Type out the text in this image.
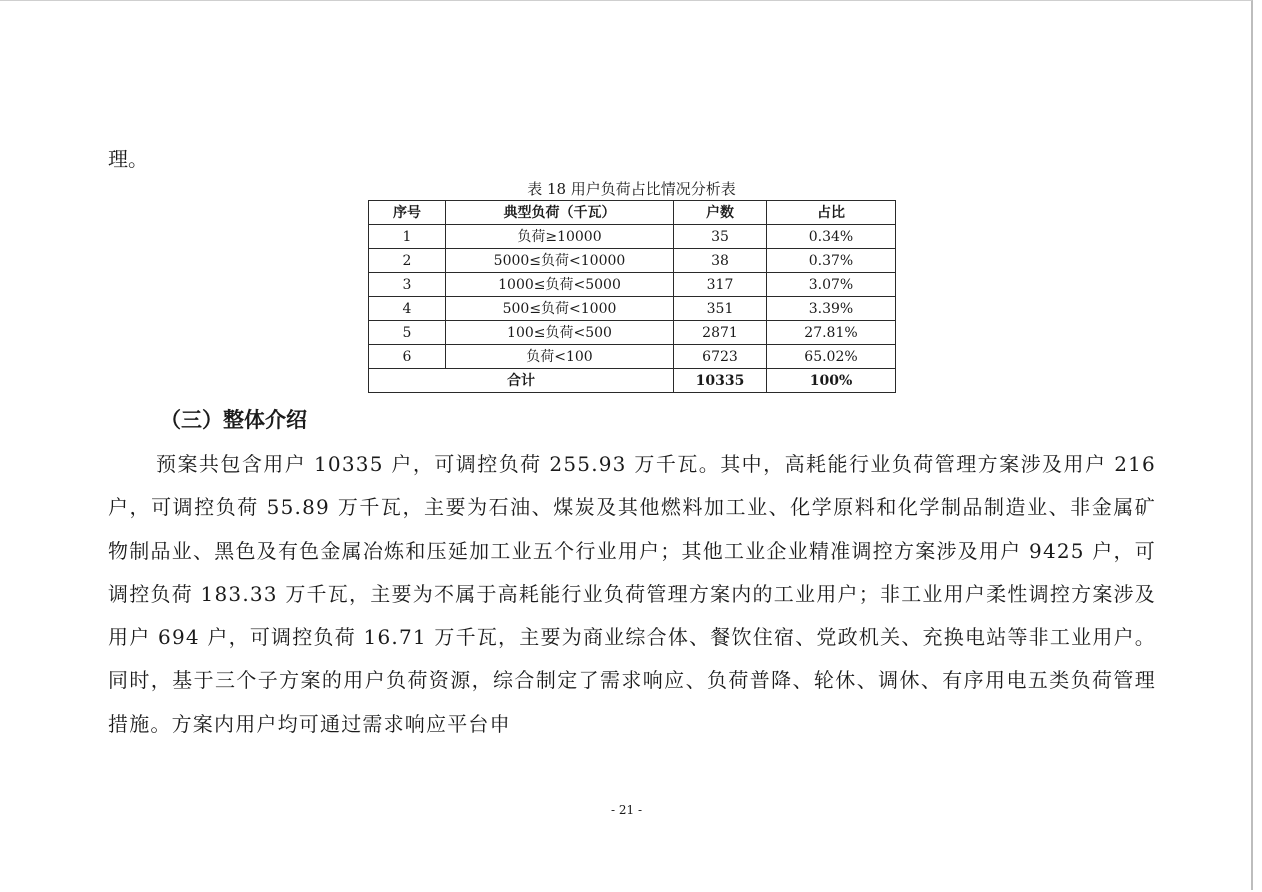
理。
表 18 用户负荷占比情况分析表
序号	典型负荷（千瓦）	户数	占比
1	负荷≥10000	35	0.34%
2	5000≤负荷<10000	38	0.37%
3	1000≤负荷<5000	317	3.07%
4	500≤负荷<1000	351	3.39%
5	100≤负荷<500	2871	27.81%
6	负荷<100	6723	65.02%
合计		10335	100%
（三）整体介绍

预案共包含用户 10335 户，可调控负荷 255.93 万千瓦。其中，高耗能行业负荷管理方案涉及用户 216 户，可调控负荷 55.89 万千瓦，主要为石油、煤炭及其他燃料加工业、化学原料和化学制品制造业、非金属矿物制品业、黑色及有色金属冶炼和压延加工业五个行业用户；其他工业企业精准调控方案涉及用户 9425 户，可调控负荷 183.33 万千瓦，主要为不属于高耗能行业负荷管理方案内的工业用户；非工业用户柔性调控方案涉及用户 694 户，可调控负荷 16.71 万千瓦，主要为商业综合体、餐饮住宿、党政机关、充换电站等非工业用户。同时，基于三个子方案的用户负荷资源，综合制定了需求响应、负荷普降、轮休、调休、有序用电五类负荷管理措施。方案内用户均可通过需求响应平台申

- 21 -
